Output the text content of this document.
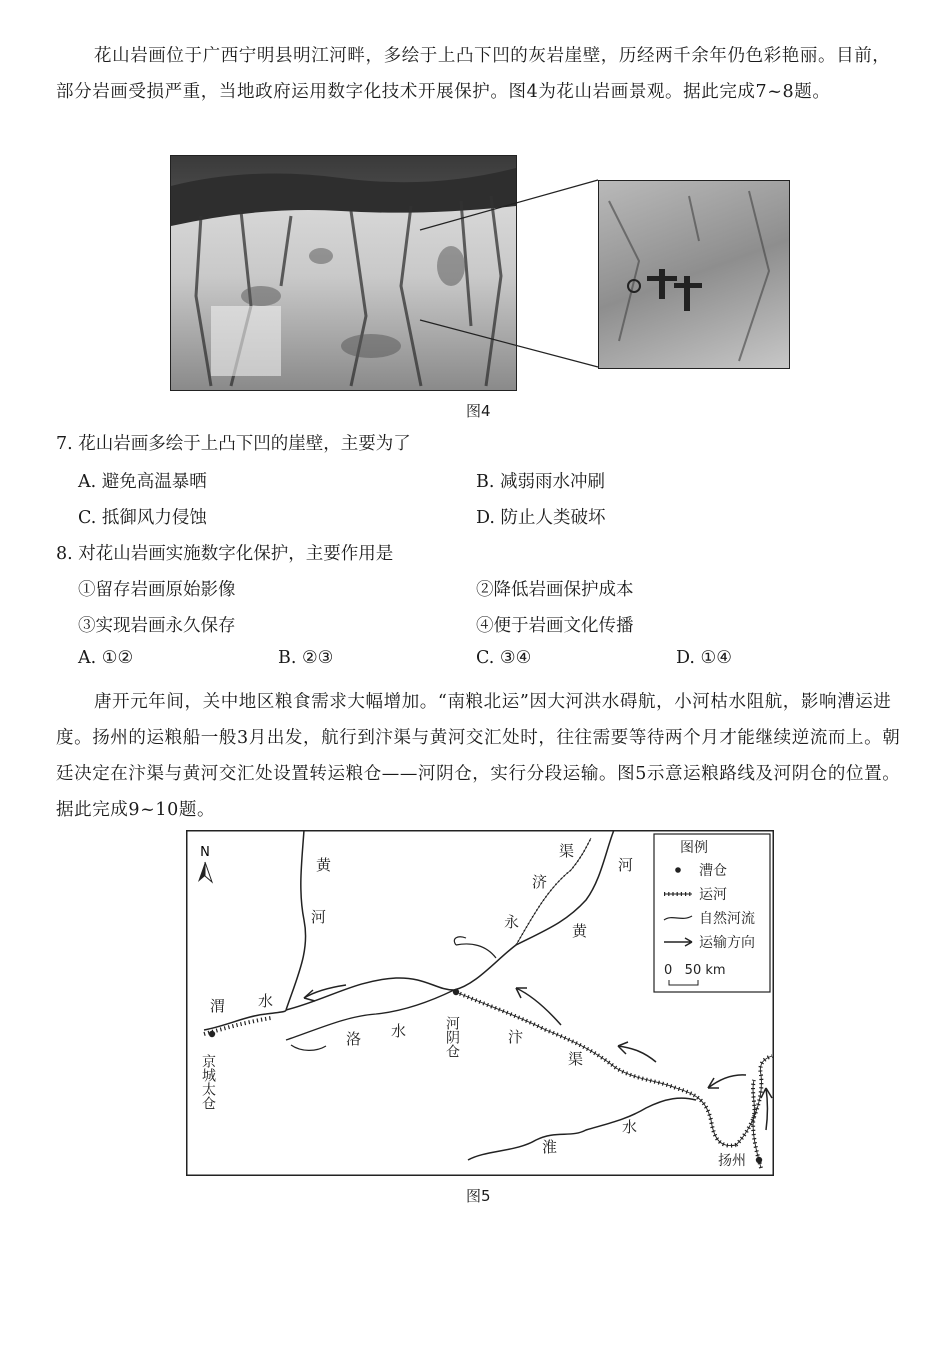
花山岩画位于广西宁明县明江河畔，多绘于上凸下凹的灰岩崖壁，历经两千余年仍色彩艳丽。目前，部分岩画受损严重，当地政府运用数字化技术开展保护。图4为花山岩画景观。据此完成7~8题。
图4
7. 花山岩画多绘于上凸下凹的崖壁，主要为了
A. 避免高温暴晒	B. 减弱雨水冲刷
C. 抵御风力侵蚀	D. 防止人类破坏
8. 对花山岩画实施数字化保护，主要作用是
①留存岩画原始影像	②降低岩画保护成本
③实现岩画永久保存	④便于岩画文化传播
A. ①②	B. ②③	C. ③④	D. ①④
唐开元年间，关中地区粮食需求大幅增加。“南粮北运”因大河洪水碍航，小河枯水阻航，影响漕运进度。扬州的运粮船一般3月出发，航行到汴渠与黄河交汇处时，往往需要等待两个月才能继续逆流而上。朝廷决定在汴渠与黄河交汇处设置转运粮仓——河阴仓，实行分段运输。图5示意运粮路线及河阴仓的位置。据此完成9~10题。
N
黄
河
水
渭
洛 水
渠
济
永	黄
河
汴
渠
水
淮
河阴仓
京城太仓
扬州
图例
漕仓
运河
自然河流
运输方向
0   50 km
图5
